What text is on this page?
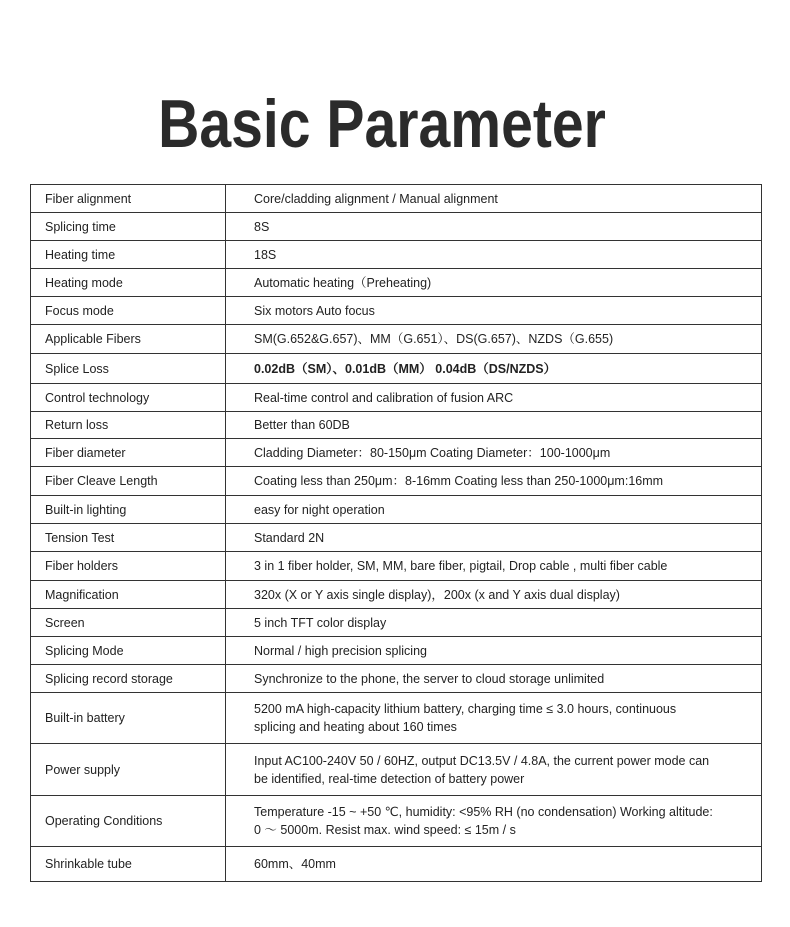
Basic Parameter
Fiber alignment	Core/cladding alignment / Manual alignment
Splicing time	8S
Heating time	18S
Heating mode	Automatic heating（Preheating)
Focus mode	Six motors Auto focus
Applicable Fibers	SM(G.652&G.657)、MM（G.651）、DS(G.657)、NZDS（G.655)
Splice Loss	0.02dB（SM）、0.01dB（MM） 0.04dB（DS/NZDS）
Control technology	Real-time control and calibration of fusion ARC
Return loss	Better than 60DB
Fiber diameter	Cladding Diameter：80-150μm Coating Diameter：100-1000μm
Fiber Cleave Length	Coating less than 250μm：8-16mm Coating less than 250-1000μm:16mm
Built-in lighting	easy for night operation
Tension Test	Standard 2N
Fiber holders	3 in 1 fiber holder, SM, MM, bare fiber, pigtail, Drop cable , multi fiber cable
Magnification	320x (X or Y axis single display)，200x (x and Y axis dual display)
Screen	5 inch TFT color display
Splicing Mode	Normal / high precision splicing
Splicing record storage	Synchronize to the phone, the server to cloud storage unlimited
Built-in battery	5200 mA high-capacity lithium battery, charging time ≤ 3.0 hours, continuous splicing and heating about 160 times
Power supply	Input AC100-240V 50 / 60HZ, output DC13.5V / 4.8A, the current power mode can be identified, real-time detection of battery power
Operating Conditions	Temperature -15 ~ +50 ℃, humidity: <95% RH (no condensation) Working altitude: 0 ～ 5000m. Resist max. wind speed: ≤ 15m / s
Shrinkable tube	60mm、40mm
